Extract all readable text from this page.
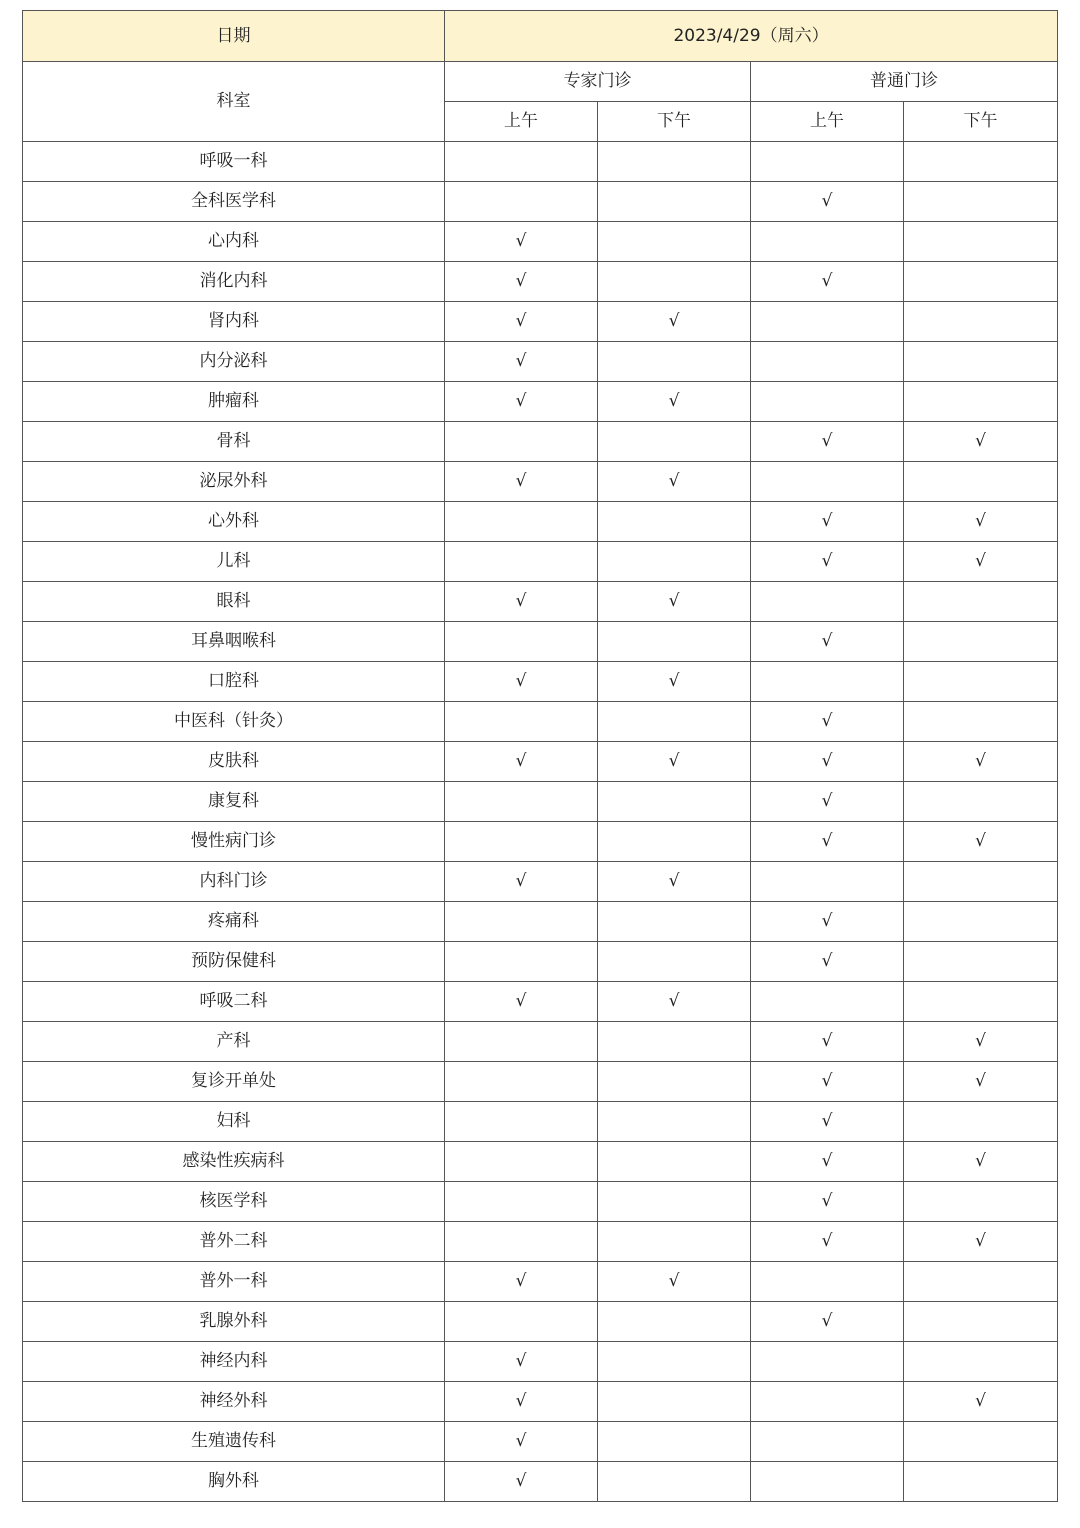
日期	2023/4/29（周六）			
科室	专家门诊		普通门诊	
	上午	下午	上午	下午
呼吸一科				
全科医学科			√	
心内科	√			
消化内科	√		√	
肾内科	√	√		
内分泌科	√			
肿瘤科	√	√		
骨科			√	√
泌尿外科	√	√		
心外科			√	√
儿科			√	√
眼科	√	√		
耳鼻咽喉科			√	
口腔科	√	√		
中医科（针灸）			√	
皮肤科	√	√	√	√
康复科			√	
慢性病门诊			√	√
内科门诊	√	√		
疼痛科			√	
预防保健科			√	
呼吸二科	√	√		
产科			√	√
复诊开单处			√	√
妇科			√	
感染性疾病科			√	√
核医学科			√	
普外二科			√	√
普外一科	√	√		
乳腺外科			√	
神经内科	√			
神经外科	√			√
生殖遗传科	√			
胸外科	√			
